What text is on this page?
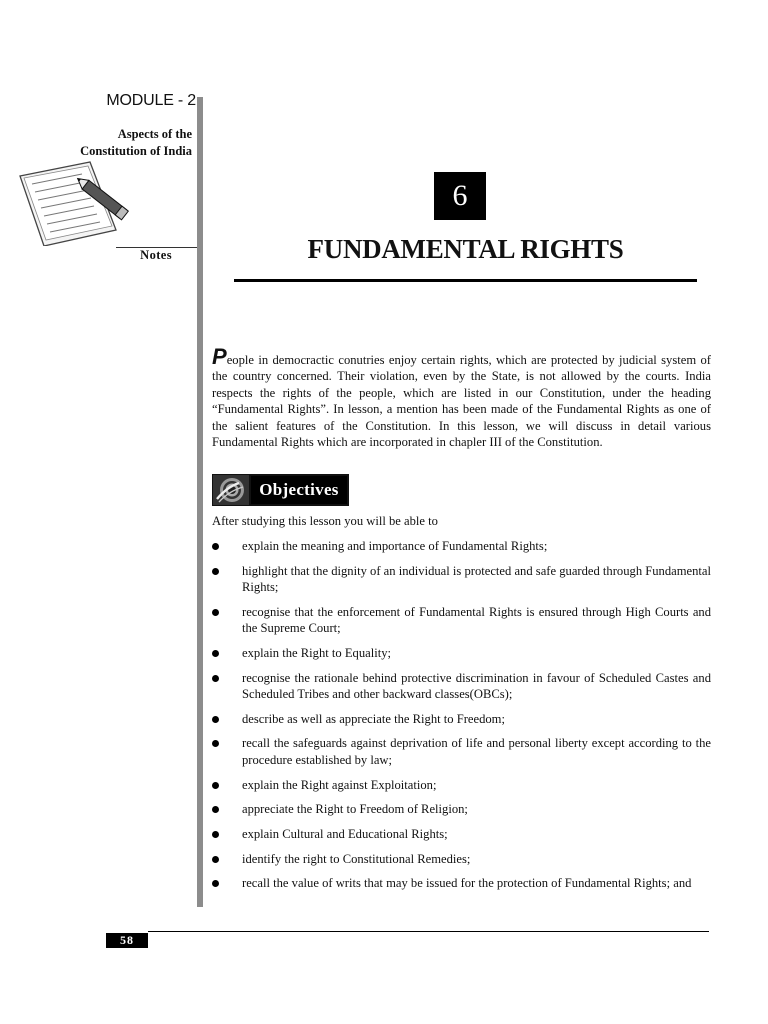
MODULE - 2
Aspects of the
Constitution of India
Notes
6
FUNDAMENTAL RIGHTS
People in democractic conutries enjoy certain rights, which are protected by judicial system of the country concerned. Their violation, even by the State, is not allowed by the courts. India respects the rights of the people, which are listed in our Constitution, under the heading “Fundamental Rights”. In lesson, a mention has been made of the Fundamental Rights as one of the salient features of the Constitution. In this lesson, we will discuss in detail various Fundamental Rights which are incorporated in chapler III of the Constitution.
Objectives
After studying this lesson you will be able to
explain the meaning and importance of Fundamental Rights;
highlight that the dignity of an individual is protected and safe guarded through Fundamental Rights;
recognise that the enforcement of Fundamental Rights is ensured through High Courts and the Supreme Court;
explain the Right to Equality;
recognise the rationale behind protective discrimination in favour of Scheduled Castes and Scheduled Tribes and other backward classes(OBCs);
describe as well as appreciate the Right to Freedom;
recall the safeguards against deprivation of life and personal liberty except according to the procedure established by law;
explain the Right against Exploitation;
appreciate the Right to Freedom of Religion;
explain Cultural and Educational Rights;
identify the right to Constitutional Remedies;
recall the value of writs that may be issued for the protection of Fundamental Rights; and
58
